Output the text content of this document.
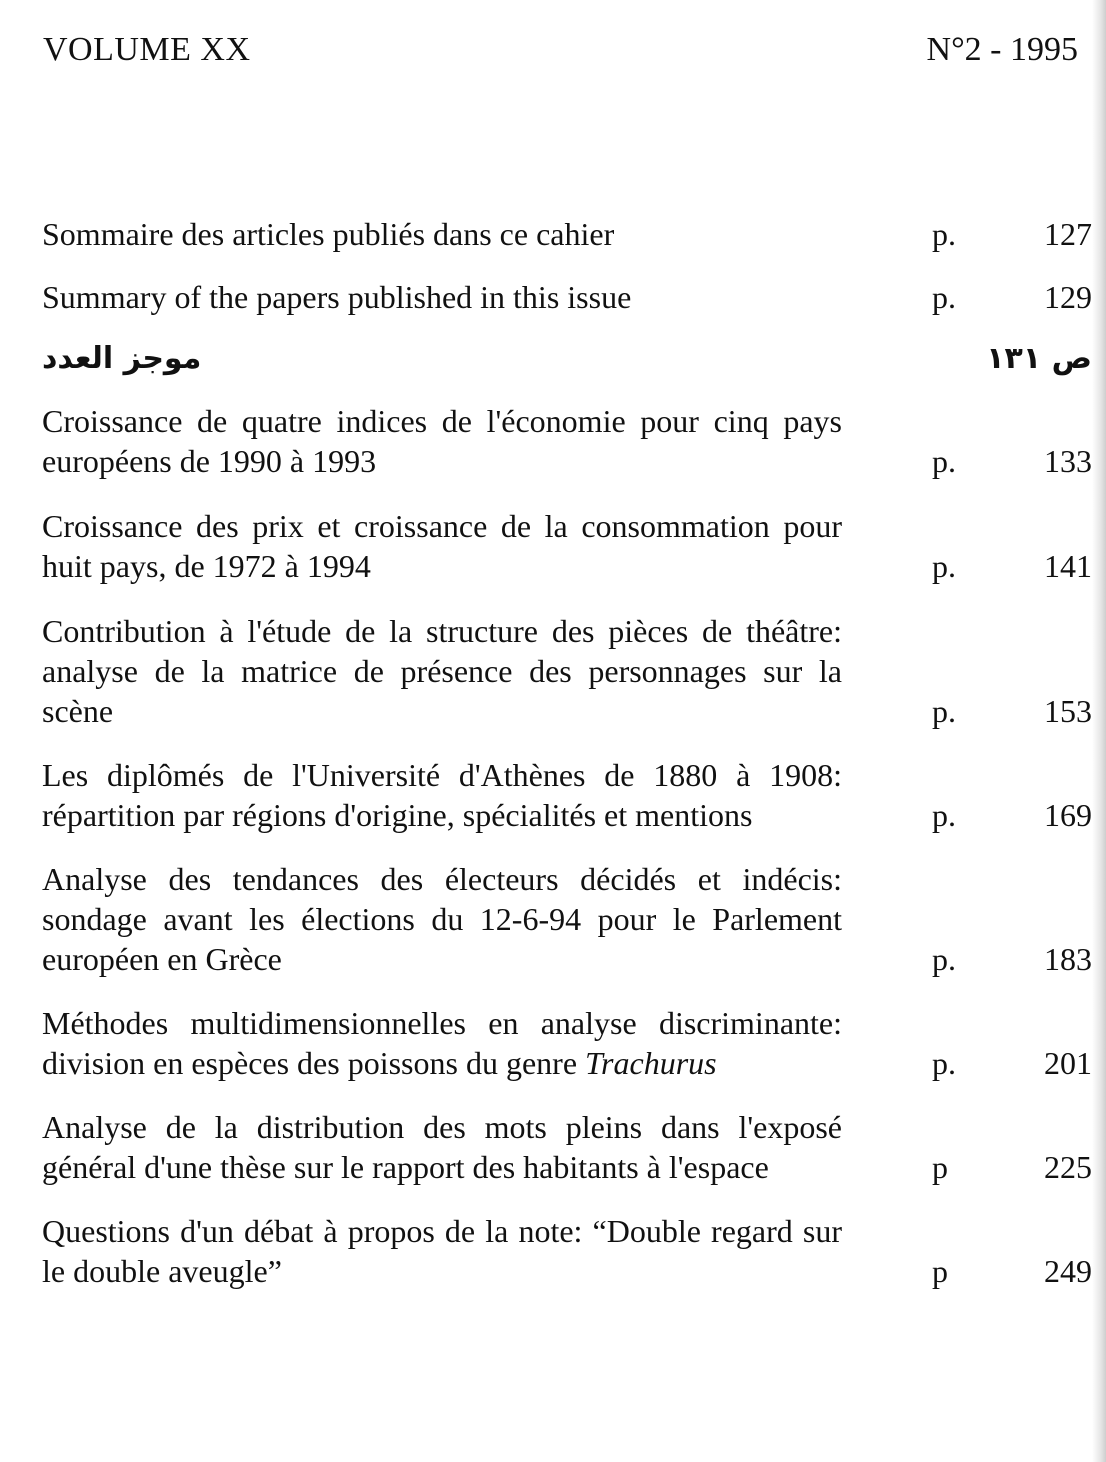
VOLUME XX	N°2 - 1995
Sommaire des articles publiés dans ce cahier	p.	127
Summary of the papers published in this issue	p.	129
موجز العدد	ص ١٣١
Croissance de quatre indices de l'économie pour cinq pays européens de 1990 à 1993	p.	133
Croissance des prix et croissance de la consommation pour huit pays, de 1972 à 1994	p.	141
Contribution à l'étude de la structure des pièces de théâtre: analyse de la matrice de présence des personnages sur la scène	p.	153
Les diplômés de l'Université d'Athènes de 1880 à 1908: répartition par régions d'origine, spécialités et mentions	p.	169
Analyse des tendances des électeurs décidés et indécis: sondage avant les élections du 12-6-94 pour le Parlement européen en Grèce	p.	183
Méthodes multidimensionnelles en analyse discriminante: division en espèces des poissons du genre Trachurus	p.	201
Analyse de la distribution des mots pleins dans l'exposé général d'une thèse sur le rapport des habitants à l'espace	p	225
Questions d'un débat à propos de la note: “Double regard sur le double aveugle”	p	249
